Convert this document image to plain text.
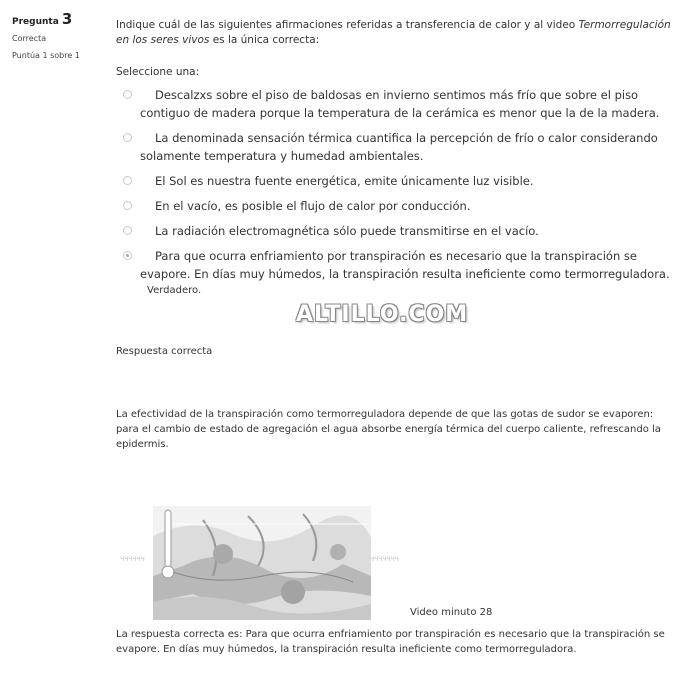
Pregunta 3
Correcta
Puntúa 1 sobre 1
Indique cuál de las siguientes afirmaciones referidas a transferencia de calor y al video Termorregulación en los seres vivos es la única correcta:
Seleccione una:
Descalzxs sobre el piso de baldosas en invierno sentimos más frío que sobre el piso contiguo de madera porque la temperatura de la cerámica es menor que la de la madera.
La denominada sensación térmica cuantifica la percepción de frío o calor considerando solamente temperatura y humedad ambientales.
El Sol es nuestra fuente energética, emite únicamente luz visible.
En el vacío, es posible el flujo de calor por conducción.
La radiación electromagnética sólo puede transmitirse en el vacío.
Para que ocurra enfriamiento por transpiración es necesario que la transpiración se evapore. En días muy húmedos, la transpiración resulta ineficiente como termorreguladora.
Verdadero.
ALTILLO.COM
Respuesta correcta
La efectividad de la transpiración como termorreguladora depende de que las gotas de sudor se evaporen: para el cambio de estado de agregación el agua absorbe energía térmica del cuerpo caliente, refrescando la epidermis.
ЧЧЧЧЧЧ	ЧЧЧЧЧЧЧ
Video minuto 28
La respuesta correcta es: Para que ocurra enfriamiento por transpiración es necesario que la transpiración se evapore. En días muy húmedos, la transpiración resulta ineficiente como termorreguladora.
